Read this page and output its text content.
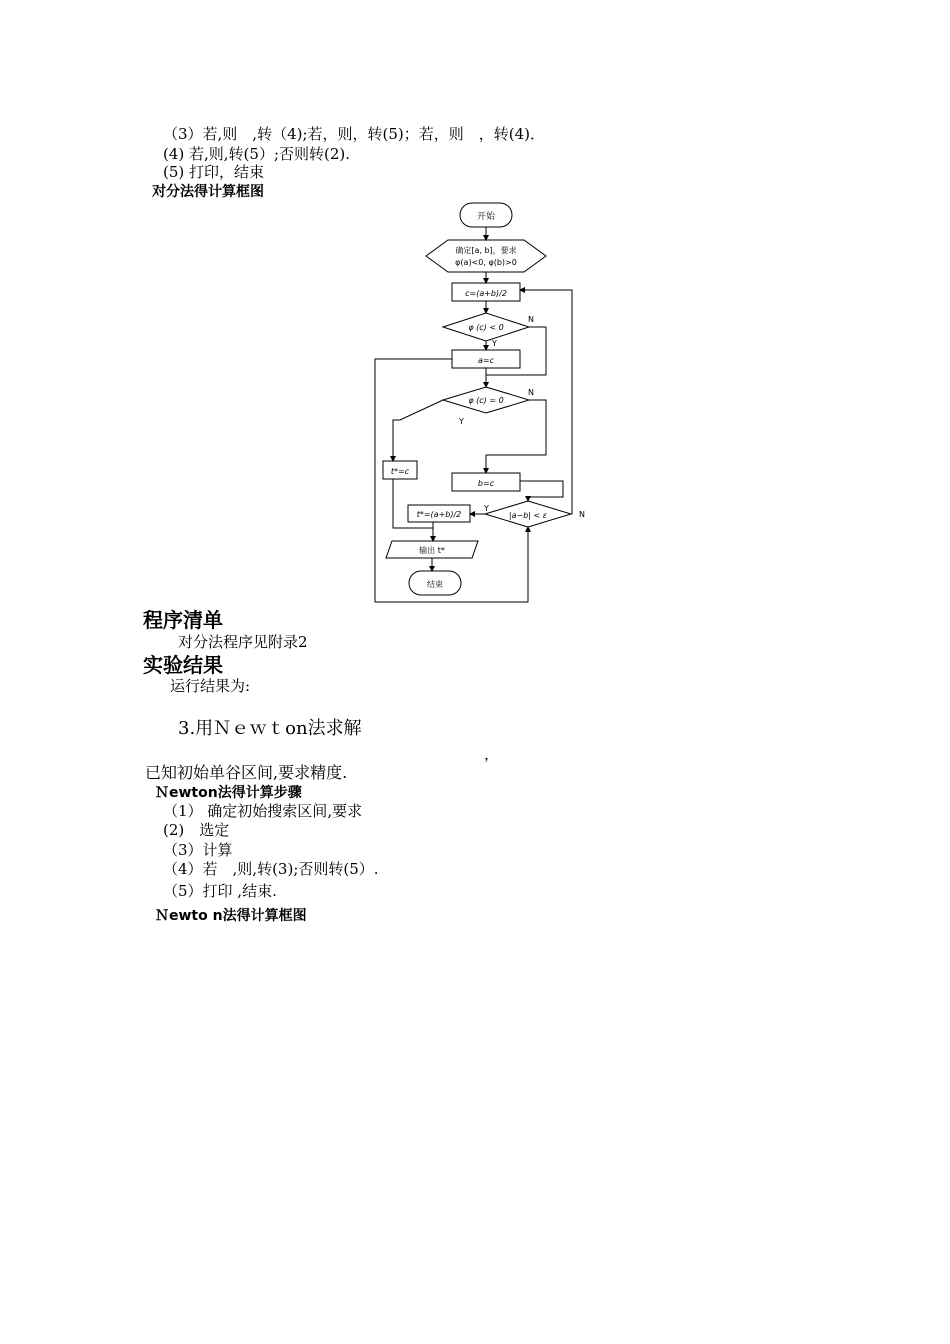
（3）若,则　,转（4);若，则，转(5)；若，则　，转(4)．
(4) 若,则,转(5）;否则转(2).
(5) 打印，结束
对分法得计算框图
开始
确定[a, b]，要求
φ(a)<0, φ(b)>0
c=(a+b)/2
φ (c) < 0
a=c
φ (c) = 0
t*=c
b=c
t*=(a+b)/2	|a−b| < ε
输出 t*
结束
N
Y
N
Y
Y
N
程序清单
对分法程序见附录2
实验结果
运行结果为:
3.用Ｎｅｗｔon法求解
，
已知初始单谷区间,要求精度.
Ｎewton法得计算步骤
（1） 确定初始搜索区间,要求
(2)　选定
（3）计算
（4）若　,则,转(3);否则转(5）.
（5）打印 ,结束.
Ｎewto n法得计算框图
